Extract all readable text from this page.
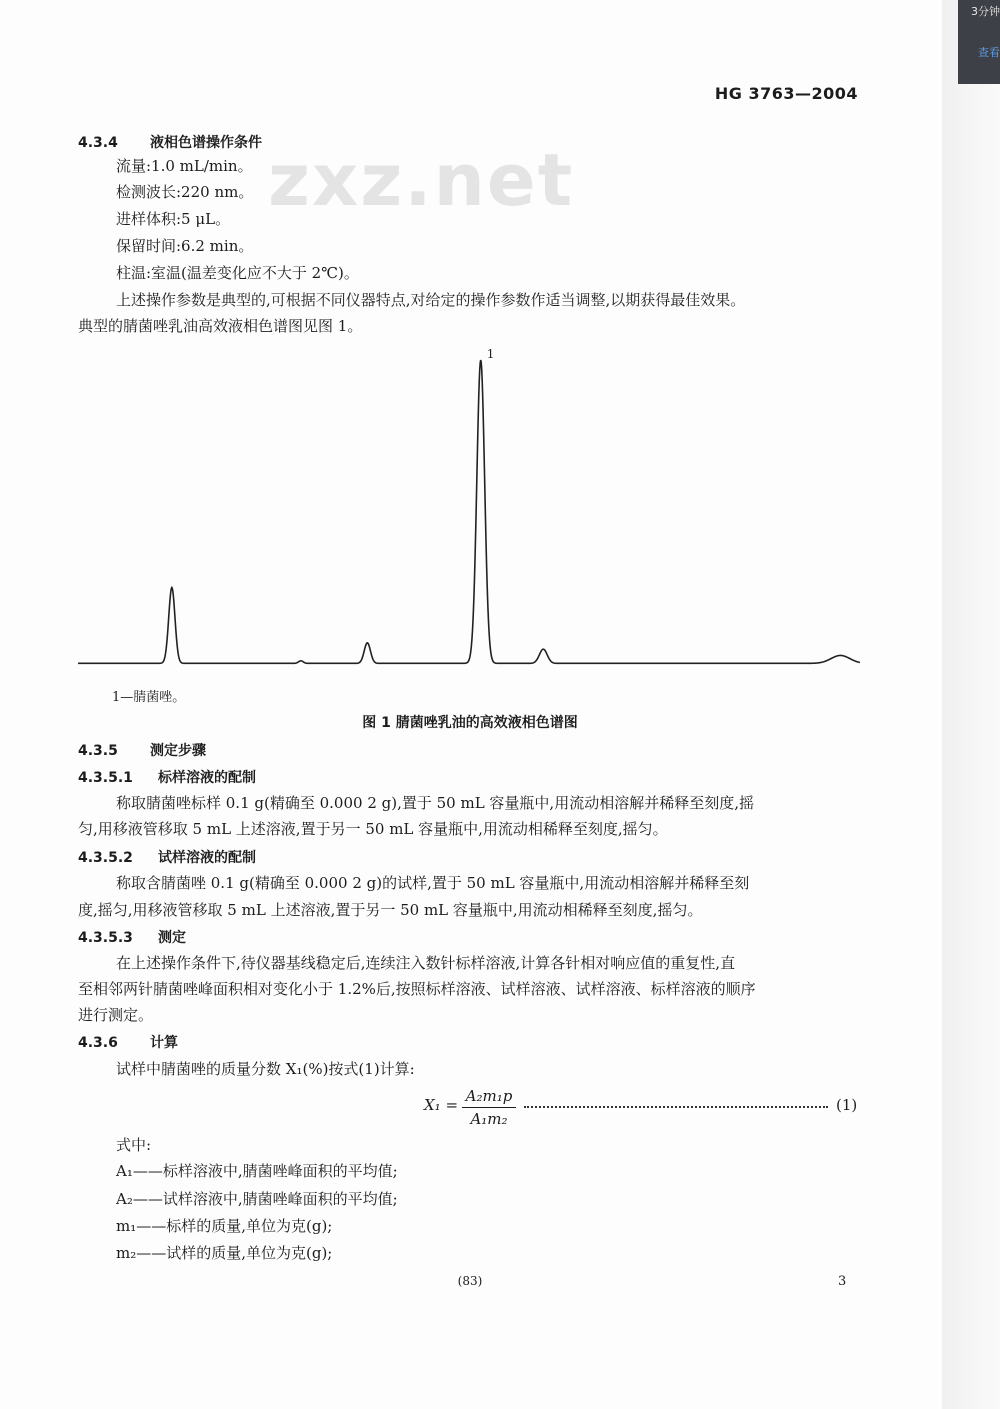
3分钟
查看
HG 3763—2004
zxz.net
4.3.4 液相色谱操作条件
流量:1.0 mL/min。
检测波长:220 nm。
进样体积:5 μL。
保留时间:6.2 min。
柱温:室温(温差变化应不大于 2℃)。
上述操作参数是典型的,可根据不同仪器特点,对给定的操作参数作适当调整,以期获得最佳效果。
典型的腈菌唑乳油高效液相色谱图见图 1。
1
1—腈菌唑。
图 1 腈菌唑乳油的高效液相色谱图
4.3.5 测定步骤
4.3.5.1 标样溶液的配制
称取腈菌唑标样 0.1 g(精确至 0.000 2 g),置于 50 mL 容量瓶中,用流动相溶解并稀释至刻度,摇
匀,用移液管移取 5 mL 上述溶液,置于另一 50 mL 容量瓶中,用流动相稀释至刻度,摇匀。
4.3.5.2 试样溶液的配制
称取含腈菌唑 0.1 g(精确至 0.000 2 g)的试样,置于 50 mL 容量瓶中,用流动相溶解并稀释至刻
度,摇匀,用移液管移取 5 mL 上述溶液,置于另一 50 mL 容量瓶中,用流动相稀释至刻度,摇匀。
4.3.5.3 测定
在上述操作条件下,待仪器基线稳定后,连续注入数针标样溶液,计算各针相对响应值的重复性,直
至相邻两针腈菌唑峰面积相对变化小于 1.2%后,按照标样溶液、试样溶液、试样溶液、标样溶液的顺序
进行测定。
4.3.6 计算
试样中腈菌唑的质量分数 X₁(%)按式(1)计算:
X₁ = A₂m₁p
A₁m₂
(1)
式中:
A₁——标样溶液中,腈菌唑峰面积的平均值;
A₂——试样溶液中,腈菌唑峰面积的平均值;
m₁——标样的质量,单位为克(g);
m₂——试样的质量,单位为克(g);
(83)	3
